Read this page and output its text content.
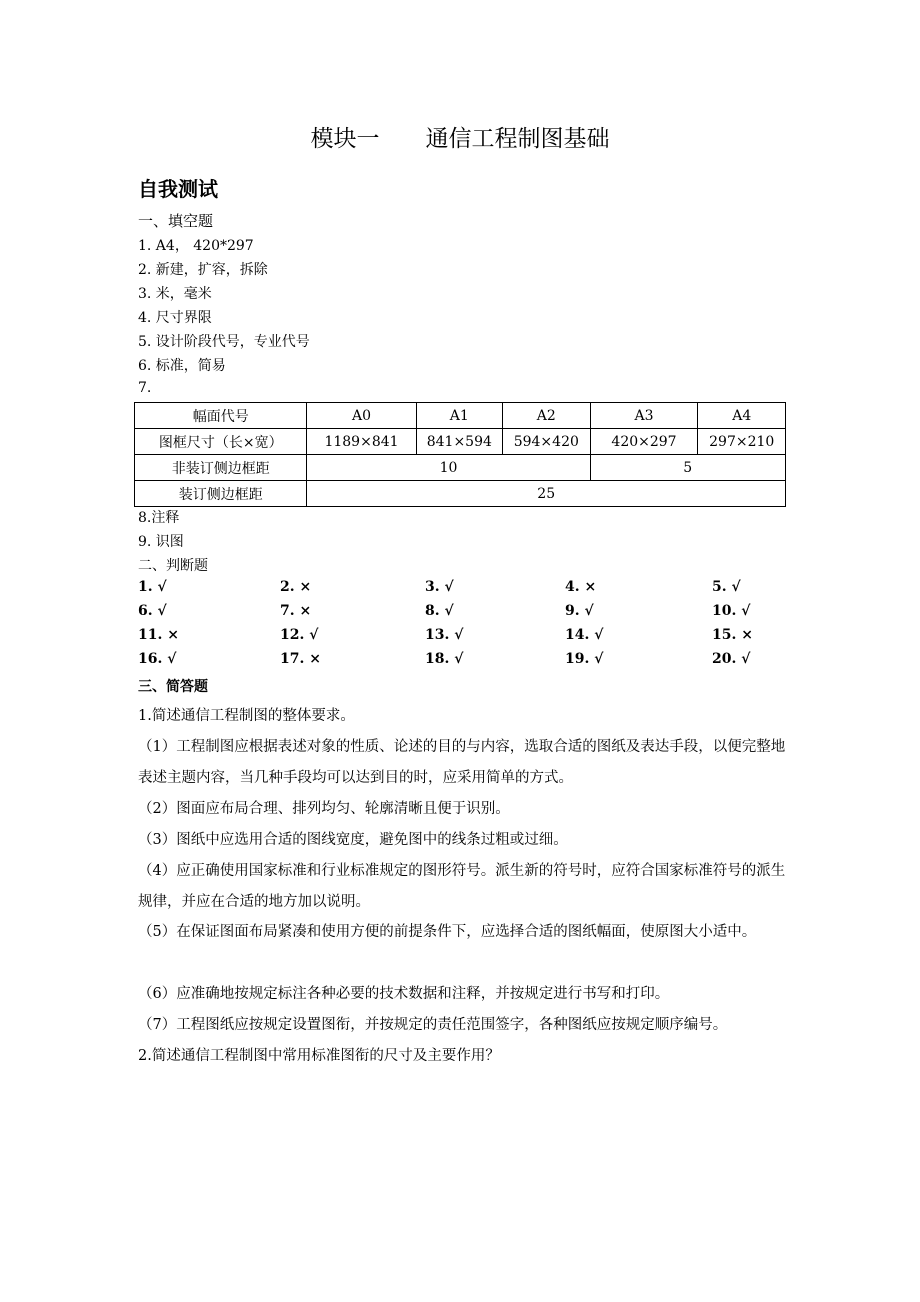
模块一 通信工程制图基础
自我测试
一、填空题
1. A4， 420*297
2. 新建，扩容，拆除
3. 米，毫米
4. 尺寸界限
5. 设计阶段代号，专业代号
6. 标准，简易
7.
幅面代号	A0	A1	A2	A3	A4
图框尺寸（长×宽）	1189×841	841×594	594×420	420×297	297×210
非装订侧边框距	10			5	
装订侧边框距	25				
8.注释
9. 识图
二、判断题
1. √	2. ×	3. √	4. ×	5. √
6. √	7. ×	8. √	9. √	10. √
11. ×	12. √	13. √	14. √	15. ×
16. √	17. ×	18. √	19. √	20. √
三、简答题
1.简述通信工程制图的整体要求。
（1）工程制图应根据表述对象的性质、论述的目的与内容，选取合适的图纸及表达手段，以便完整地表述主题内容，当几种手段均可以达到目的时，应采用简单的方式。
（2）图面应布局合理、排列均匀、轮廓清晰且便于识别。
（3）图纸中应选用合适的图线宽度，避免图中的线条过粗或过细。
（4）应正确使用国家标准和行业标准规定的图形符号。派生新的符号时，应符合国家标准符号的派生规律，并应在合适的地方加以说明。
（5）在保证图面布局紧凑和使用方便的前提条件下，应选择合适的图纸幅面，使原图大小适中。
（6）应准确地按规定标注各种必要的技术数据和注释，并按规定进行书写和打印。
（7）工程图纸应按规定设置图衔，并按规定的责任范围签字，各种图纸应按规定顺序编号。
2.简述通信工程制图中常用标准图衔的尺寸及主要作用？
